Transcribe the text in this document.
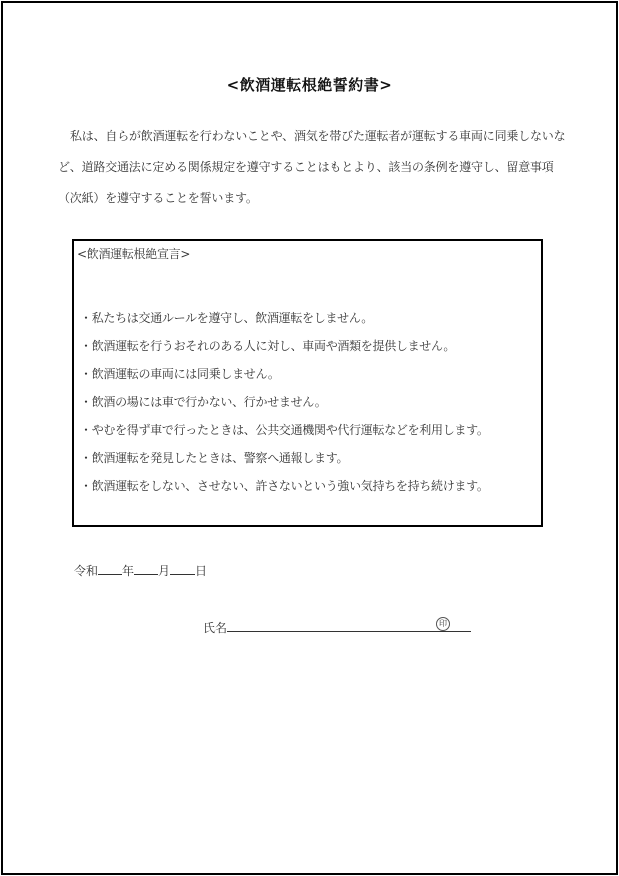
<飲酒運転根絶誓約書>

私は、自らが飲酒運転を行わないことや、酒気を帯びた運転者が運転する車両に同乗しないなど、道路交通法に定める関係規定を遵守することはもとより、該当の条例を遵守し、留意事項（次紙）を遵守することを誓います。

<飲酒運転根絶宣言>
・私たちは交通ルールを遵守し、飲酒運転をしません。
・飲酒運転を行うおそれのある人に対し、車両や酒類を提供しません。
・飲酒運転の車両には同乗しません。
・飲酒の場には車で行かない、行かせません。
・やむを得ず車で行ったときは、公共交通機関や代行運転などを利用します。
・飲酒運転を発見したときは、警察へ通報します。
・飲酒運転をしない、させない、許さないという強い気持ちを持ち続けます。
令和 年 月 日
氏名	印
